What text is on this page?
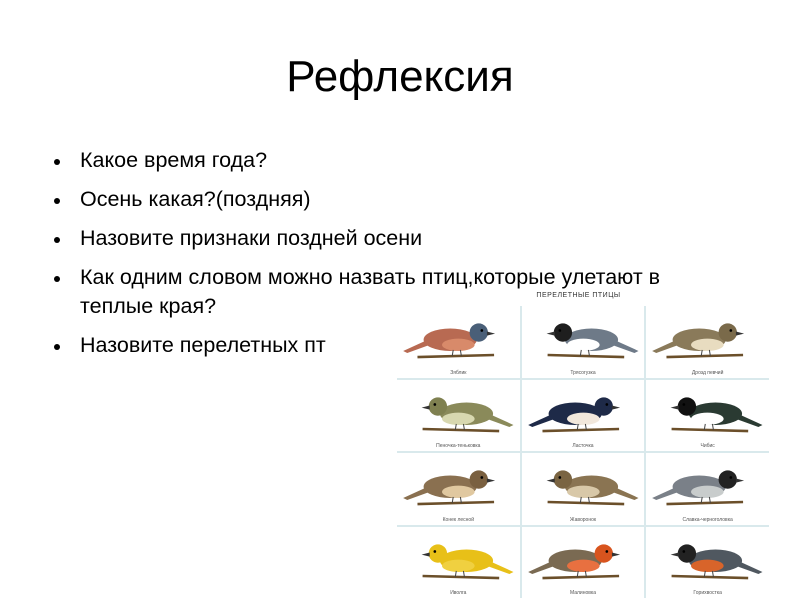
Рефлексия
Какое время года?
Осень какая?(поздняя)
Назовите признаки поздней осени
Как одним словом можно назвать птиц,которые улетают в теплые края?
Назовите перелетных пт
ПЕРЕЛЕТНЫЕ ПТИЦЫ
Зяблик	Трясогузка	Дрозд певчий
Пеночка-теньковка	Ласточка	Чибис
Конек лесной	Жаворонок	Славка-черноголовка
Иволга	Малиновка	Горихвостка
